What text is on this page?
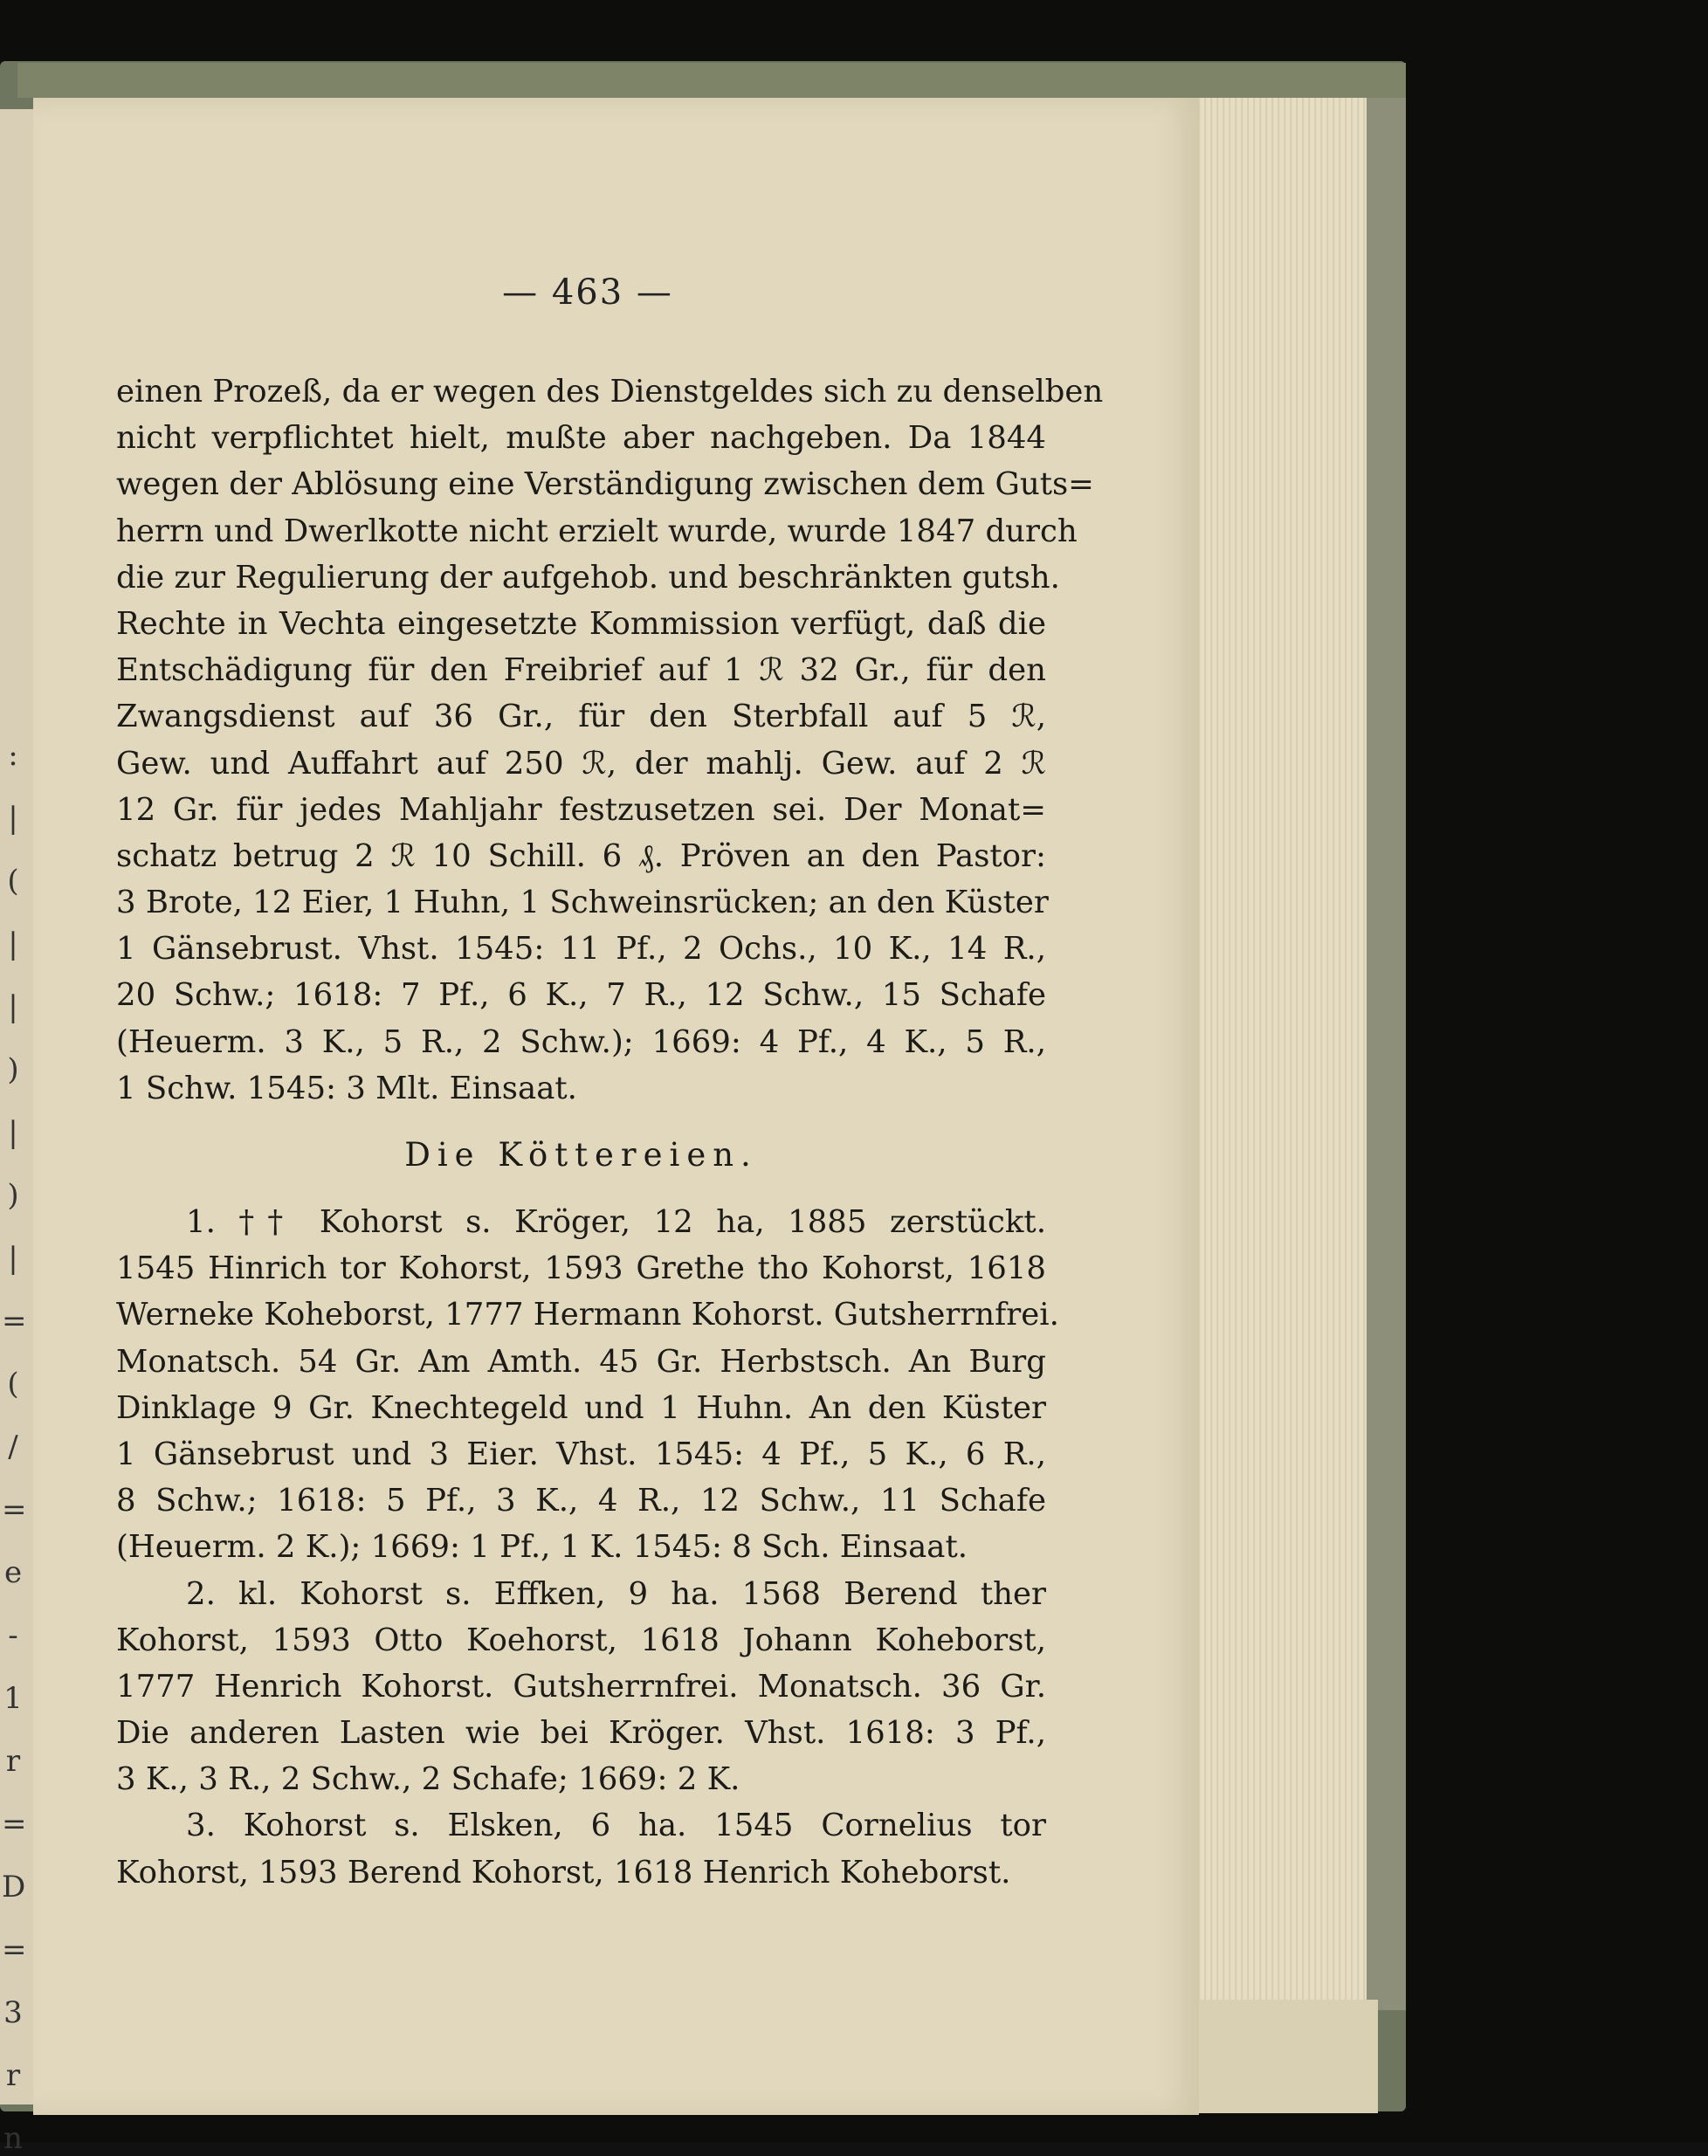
:
|
(
|
|
)
|
)
|
=
(
/
=
e
-
1
r
=
D
=
3
r
n
— 463 —
einen Prozeß, da er wegen des Dienstgeldes sich zu denselben
nicht verpflichtet hielt, mußte aber nachgeben. Da 1844
wegen der Ablösung eine Verständigung zwischen dem Guts=
herrn und Dwerlkotte nicht erzielt wurde, wurde 1847 durch
die zur Regulierung der aufgehob. und beschränkten gutsh.
Rechte in Vechta eingesetzte Kommission verfügt, daß die
Entschädigung für den Freibrief auf 1 ℛ 32 Gr., für den
Zwangsdienst auf 36 Gr., für den Sterbfall auf 5 ℛ,
Gew. und Auffahrt auf 250 ℛ, der mahlj. Gew. auf 2 ℛ
12 Gr. für jedes Mahljahr festzusetzen sei. Der Monat=
schatz betrug 2 ℛ 10 Schill. 6 ₰. Pröven an den Pastor:
3 Brote, 12 Eier, 1 Huhn, 1 Schweinsrücken; an den Küster
1 Gänsebrust. Vhst. 1545: 11 Pf., 2 Ochs., 10 K., 14 R.,
20 Schw.; 1618: 7 Pf., 6 K., 7 R., 12 Schw., 15 Schafe
(Heuerm. 3 K., 5 R., 2 Schw.); 1669: 4 Pf., 4 K., 5 R.,
1 Schw. 1545: 3 Mlt. Einsaat.
Die Köttereien.
1. †† Kohorst s. Kröger, 12 ha, 1885 zerstückt.
1545 Hinrich tor Kohorst, 1593 Grethe tho Kohorst, 1618
Werneke Koheborst, 1777 Hermann Kohorst. Gutsherrnfrei.
Monatsch. 54 Gr. Am Amth. 45 Gr. Herbstsch. An Burg
Dinklage 9 Gr. Knechtegeld und 1 Huhn. An den Küster
1 Gänsebrust und 3 Eier. Vhst. 1545: 4 Pf., 5 K., 6 R.,
8 Schw.; 1618: 5 Pf., 3 K., 4 R., 12 Schw., 11 Schafe
(Heuerm. 2 K.); 1669: 1 Pf., 1 K. 1545: 8 Sch. Einsaat.
2. kl. Kohorst s. Effken, 9 ha. 1568 Berend ther
Kohorst, 1593 Otto Koehorst, 1618 Johann Koheborst,
1777 Henrich Kohorst. Gutsherrnfrei. Monatsch. 36 Gr.
Die anderen Lasten wie bei Kröger. Vhst. 1618: 3 Pf.,
3 K., 3 R., 2 Schw., 2 Schafe; 1669: 2 K.
3. Kohorst s. Elsken, 6 ha. 1545 Cornelius tor
Kohorst, 1593 Berend Kohorst, 1618 Henrich Koheborst.
